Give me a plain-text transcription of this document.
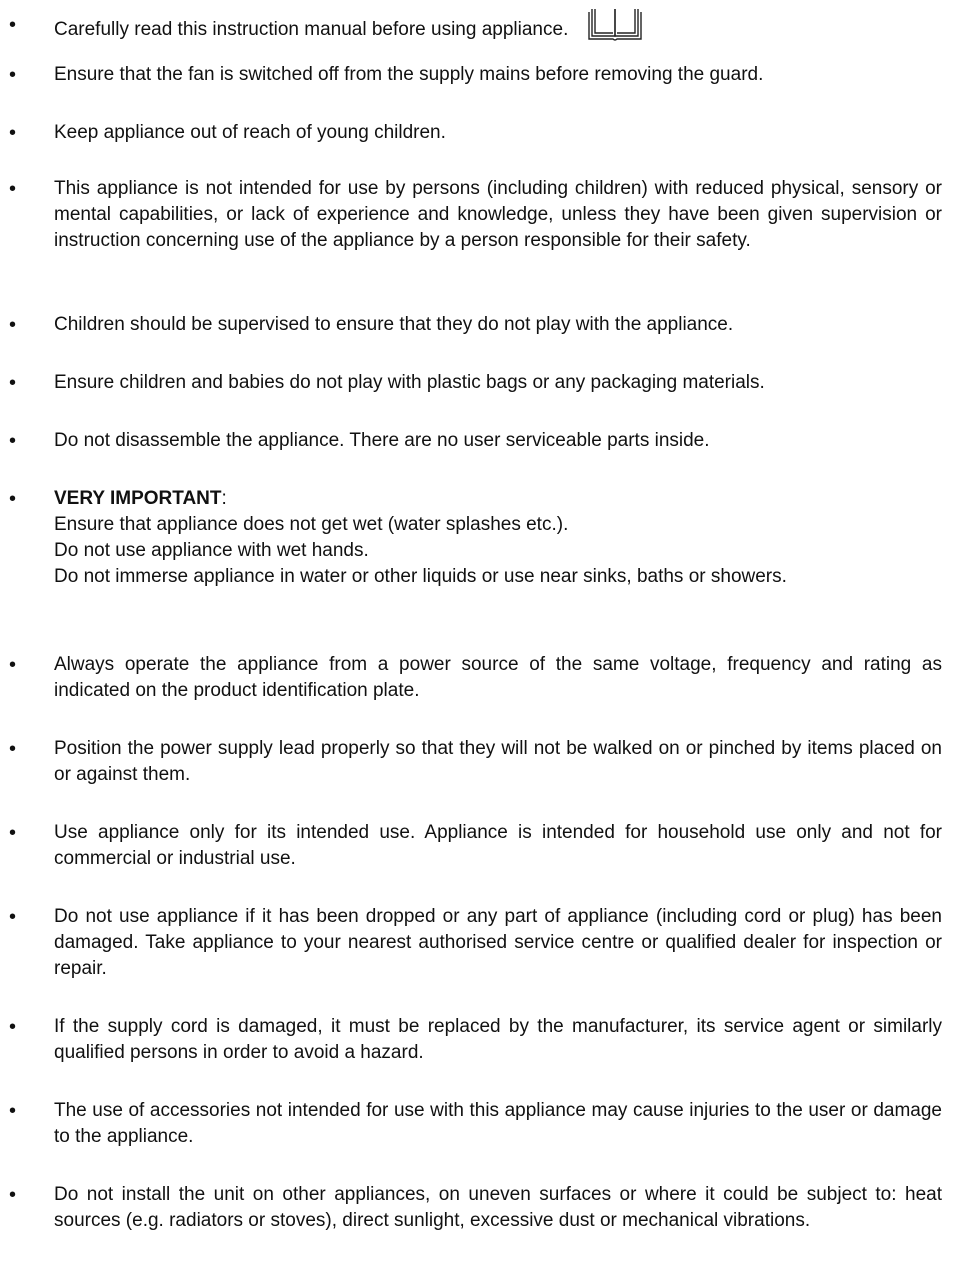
• Carefully read this instruction manual before using appliance.
• Ensure that the fan is switched off from the supply mains before removing the guard.
• Keep appliance out of reach of young children.
• This appliance is not intended for use by persons (including children) with reduced physical, sensory or mental capabilities, or lack of experience and knowledge, unless they have been given supervision or instruction concerning use of the appliance by a person responsible for their safety.
• Children should be supervised to ensure that they do not play with the appliance.
• Ensure children and babies do not play with plastic bags or any packaging materials.
• Do not disassemble the appliance. There are no user serviceable parts inside.
• VERY IMPORTANT:
Ensure that appliance does not get wet (water splashes etc.).
Do not use appliance with wet hands.
Do not immerse appliance in water or other liquids or use near sinks, baths or showers.
• Always operate the appliance from a power source of the same voltage, frequency and rating as indicated on the product identification plate.
• Position the power supply lead properly so that they will not be walked on or pinched by items placed on or against them.
• Use appliance only for its intended use. Appliance is intended for household use only and not for commercial or industrial use.
• Do not use appliance if it has been dropped or any part of appliance (including cord or plug) has been damaged. Take appliance to your nearest authorised service centre or qualified dealer for inspection or repair.
• If the supply cord is damaged, it must be replaced by the manufacturer, its service agent or similarly qualified persons in order to avoid a hazard.
• The use of accessories not intended for use with this appliance may cause injuries to the user or damage to the appliance.
• Do not install the unit on other appliances, on uneven surfaces or where it could be subject to: heat sources (e.g. radiators or stoves), direct sunlight, excessive dust or mechanical vibrations.
